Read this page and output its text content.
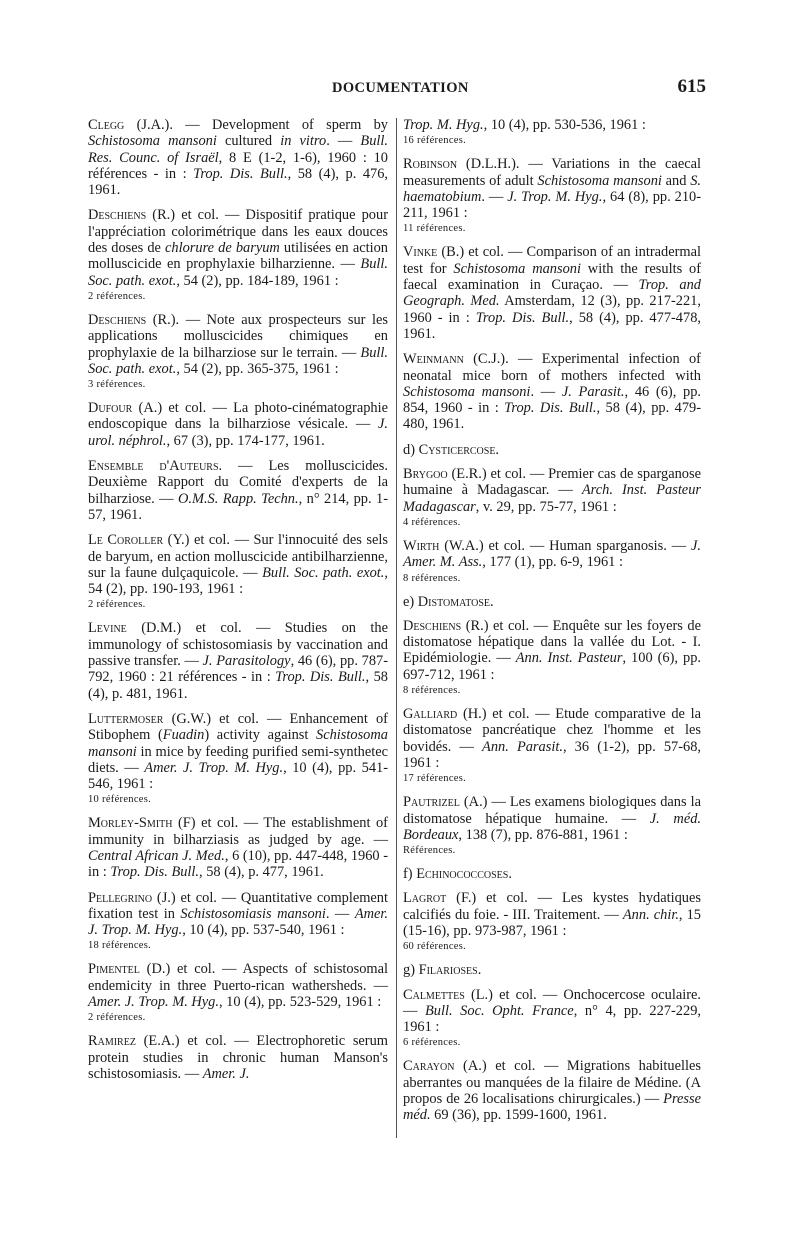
DOCUMENTATION	615

Clegg (J.A.). — Development of sperm by Schistosoma mansoni cultured in vitro. — Bull. Res. Counc. of Israël, 8 E (1-2, 1-6), 1960 : 10 références - in : Trop. Dis. Bull., 58 (4), p. 476, 1961.

Deschiens (R.) et col. — Dispositif pratique pour l'appréciation colorimétrique dans les eaux douces des doses de chlorure de baryum utilisées en action molluscicide en prophylaxie bilharzienne. — Bull. Soc. path. exot., 54 (2), pp. 184-189, 1961 :

2 références.

Deschiens (R.). — Note aux prospecteurs sur les applications molluscicides chimiques en prophylaxie de la bilharziose sur le terrain. — Bull. Soc. path. exot., 54 (2), pp. 365-375, 1961 :

3 références.

Dufour (A.) et col. — La photo-cinématographie endoscopique dans la bilharziose vésicale. — J. urol. néphrol., 67 (3), pp. 174-177, 1961.

Ensemble d'Auteurs. — Les molluscicides. Deuxième Rapport du Comité d'experts de la bilharziose. — O.M.S. Rapp. Techn., n° 214, pp. 1-57, 1961.

Le Coroller (Y.) et col. — Sur l'innocuité des sels de baryum, en action molluscicide antibilharzienne, sur la faune dulçaquicole. — Bull. Soc. path. exot., 54 (2), pp. 190-193, 1961 :

2 références.

Levine (D.M.) et col. — Studies on the immunology of schistosomiasis by vaccination and passive transfer. — J. Parasitology, 46 (6), pp. 787-792, 1960 : 21 références - in : Trop. Dis. Bull., 58 (4), p. 481, 1961.

Luttermoser (G.W.) et col. — Enhancement of Stibophem (Fuadin) activity against Schistosoma mansoni in mice by feeding purified semi-synthetec diets. — Amer. J. Trop. M. Hyg., 10 (4), pp. 541-546, 1961 :

10 références.

Morley-Smith (F) et col. — The establishment of immunity in bilharziasis as judged by age. — Central African J. Med., 6 (10), pp. 447-448, 1960 - in : Trop. Dis. Bull., 58 (4), p. 477, 1961.

Pellegrino (J.) et col. — Quantitative complement fixation test in Schistosomiasis mansoni. — Amer. J. Trop. M. Hyg., 10 (4), pp. 537-540, 1961 :

18 références.

Pimentel (D.) et col. — Aspects of schistosomal endemicity in three Puerto-rican wathersheds. — Amer. J. Trop. M. Hyg., 10 (4), pp. 523-529, 1961 :

2 références.

Ramirez (E.A.) et col. — Electrophoretic serum protein studies in chronic human Manson's schistosomiasis. — Amer. J.

Trop. M. Hyg., 10 (4), pp. 530-536, 1961 :

16 références.

Robinson (D.L.H.). — Variations in the caecal measurements of adult Schistosoma mansoni and S. haematobium. — J. Trop. M. Hyg., 64 (8), pp. 210-211, 1961 :

11 références.

Vinke (B.) et col. — Comparison of an intradermal test for Schistosoma mansoni with the results of faecal examination in Curaçao. — Trop. and Geograph. Med. Amsterdam, 12 (3), pp. 217-221, 1960 - in : Trop. Dis. Bull., 58 (4), pp. 477-478, 1961.

Weinmann (C.J.). — Experimental infection of neonatal mice born of mothers infected with Schistosoma mansoni. — J. Parasit., 46 (6), pp. 854, 1960 - in : Trop. Dis. Bull., 58 (4), pp. 479-480, 1961.

d) Cysticercose.

Brygoo (E.R.) et col. — Premier cas de sparganose humaine à Madagascar. — Arch. Inst. Pasteur Madagascar, v. 29, pp. 75-77, 1961 :

4 références.

Wirth (W.A.) et col. — Human sparganosis. — J. Amer. M. Ass., 177 (1), pp. 6-9, 1961 :

8 références.
e) Distomatose.

Deschiens (R.) et col. — Enquête sur les foyers de distomatose hépatique dans la vallée du Lot. - I. Epidémiologie. — Ann. Inst. Pasteur, 100 (6), pp. 697-712, 1961 :

8 références.

Galliard (H.) et col. — Etude comparative de la distomatose pancréatique chez l'homme et les bovidés. — Ann. Parasit., 36 (1-2), pp. 57-68, 1961 :

17 références.

Pautrizel (A.) — Les examens biologiques dans la distomatose hépatique humaine. — J. méd. Bordeaux, 138 (7), pp. 876-881, 1961 :

Références.
f) Echinococcoses.

Lagrot (F.) et col. — Les kystes hydatiques calcifiés du foie. - III. Traitement. — Ann. chir., 15 (15-16), pp. 973-987, 1961 :

60 références.
g) Filarioses.

Calmettes (L.) et col. — Onchocercose oculaire. — Bull. Soc. Opht. France, n° 4, pp. 227-229, 1961 :

6 références.

Carayon (A.) et col. — Migrations habituelles aberrantes ou manquées de la filaire de Médine. (A propos de 26 localisations chirurgicales.) — Presse méd. 69 (36), pp. 1599-1600, 1961.
